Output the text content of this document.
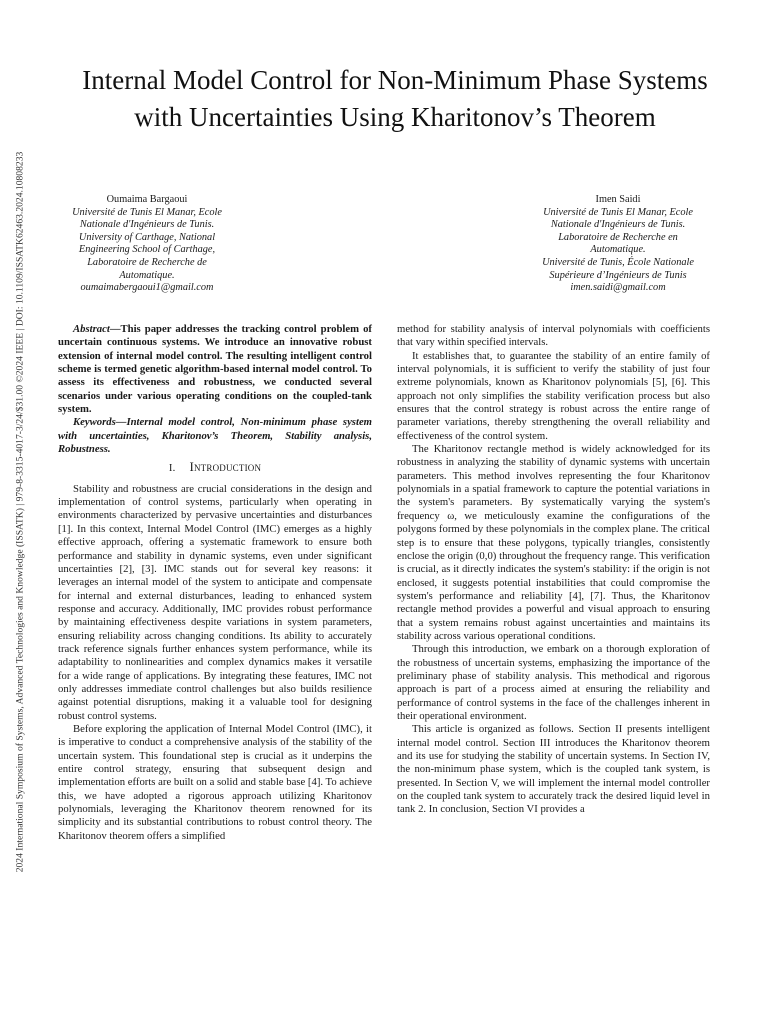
2024 International Symposium of Systems, Advanced Technologies and Knowledge (ISSATK) | 979-8-3315-4017-3/24/$31.00 ©2024 IEEE | DOI: 10.1109/ISSATK62463.2024.10808233
Internal Model Control for Non-Minimum Phase Systems with Uncertainties Using Kharitonov’s Theorem
Oumaima Bargaoui
Université de Tunis El Manar, Ecole
Nationale d'Ingénieurs de Tunis.
University of Carthage, National
Engineering School of Carthage,
Laboratoire de Recherche de
Automatique.
oumaimabergaoui1@gmail.com
Imen Saidi
Université de Tunis El Manar, Ecole
Nationale d'Ingénieurs de Tunis.
Laboratoire de Recherche en
Automatique.
Université de Tunis, École Nationale
Supérieure d’Ingénieurs de Tunis
imen.saidi@gmail.com

Abstract—This paper addresses the tracking control problem of uncertain continuous systems. We introduce an innovative robust extension of internal model control. The resulting intelligent control scheme is termed genetic algorithm-based internal model control. To assess its effectiveness and robustness, we conducted several scenarios under various operating conditions on the coupled-tank system.

Keywords—Internal model control, Non-minimum phase system with uncertainties, Kharitonov’s Theorem, Stability analysis, Robustness.

I. INTRODUCTION

Stability and robustness are crucial considerations in the design and implementation of control systems, particularly when operating in environments characterized by pervasive uncertainties and disturbances [1]. In this context, Internal Model Control (IMC) emerges as a highly effective approach, offering a systematic framework to ensure both performance and stability in dynamic systems, even under significant uncertainties [2], [3]. IMC stands out for several key reasons: it leverages an internal model of the system to anticipate and compensate for internal and external disturbances, leading to enhanced system response and accuracy. Additionally, IMC provides robust performance by maintaining effectiveness despite variations in system parameters, ensuring reliability across changing conditions. Its ability to accurately track reference signals further enhances system performance, while its adaptability to nonlinearities and complex dynamics makes it versatile for a wide range of applications. By integrating these features, IMC not only addresses immediate control challenges but also builds resilience against potential disruptions, making it a valuable tool for designing robust control systems.

Before exploring the application of Internal Model Control (IMC), it is imperative to conduct a comprehensive analysis of the stability of the uncertain system. This foundational step is crucial as it underpins the entire control strategy, ensuring that subsequent design and implementation efforts are built on a solid and stable base [4]. To achieve this, we have adopted a rigorous approach utilizing Kharitonov polynomials, leveraging the Kharitonov theorem renowned for its simplicity and its substantial contributions to robust control theory. The Kharitonov theorem offers a simplified

method for stability analysis of interval polynomials with coefficients that vary within specified intervals.

It establishes that, to guarantee the stability of an entire family of interval polynomials, it is sufficient to verify the stability of just four extreme polynomials, known as Kharitonov polynomials [5], [6]. This approach not only simplifies the stability verification process but also ensures that the control strategy is robust across the entire range of parameter variations, thereby strengthening the overall reliability and effectiveness of the control system.

The Kharitonov rectangle method is widely acknowledged for its robustness in analyzing the stability of dynamic systems with uncertain parameters. This method involves representing the four Kharitonov polynomials in a spatial framework to capture the potential variations in the system's parameters. By systematically varying the system's frequency ω, we meticulously examine the configurations of the polygons formed by these polynomials in the complex plane. The critical step is to ensure that these polygons, typically triangles, consistently enclose the origin (0,0) throughout the frequency range. This verification is crucial, as it directly indicates the system's stability: if the origin is not enclosed, it suggests potential instabilities that could compromise the system's performance and reliability [4], [7]. Thus, the Kharitonov rectangle method provides a powerful and visual approach to ensuring that a system remains robust against uncertainties and maintains its stability across various operational conditions.

Through this introduction, we embark on a thorough exploration of the robustness of uncertain systems, emphasizing the importance of the preliminary phase of stability analysis. This methodical and rigorous approach is part of a process aimed at ensuring the reliability and performance of control systems in the face of the challenges inherent in their operational environment.

This article is organized as follows. Section II presents intelligent internal model control. Section III introduces the Kharitonov theorem and its use for studying the stability of uncertain systems. In Section IV, the non-minimum phase system, which is the coupled tank system, is presented. In Section V, we will implement the internal model controller on the coupled tank system to accurately track the desired liquid level in tank 2. In conclusion, Section VI provides a
